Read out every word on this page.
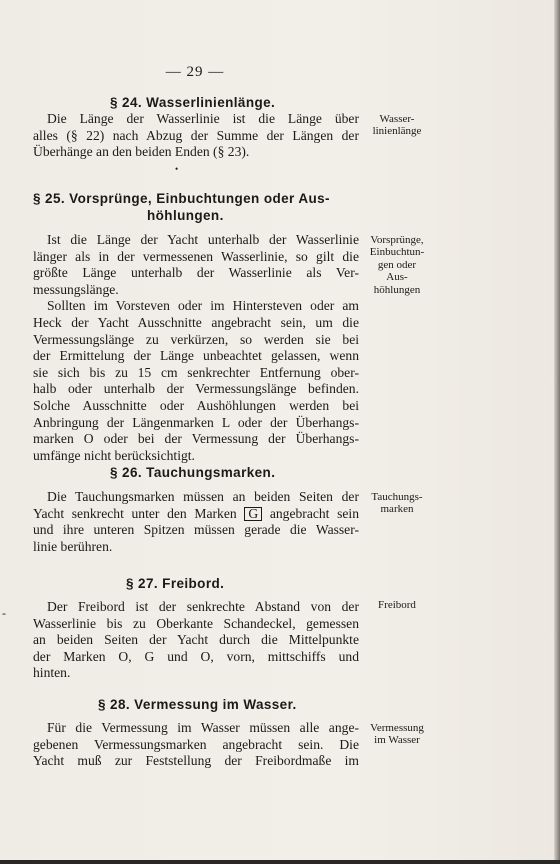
— 29 —
§ 24. Wasserlinienlänge.
Die Länge der Wasserlinie ist die Länge über
alles (§ 22) nach Abzug der Summe der Längen der
Überhänge an den beiden Enden (§ 23).
Wasser-
linienlänge
•
§ 25. Vorsprünge, Einbuchtungen oder Aus-
höhlungen.
Ist die Länge der Yacht unterhalb der Wasserlinie
länger als in der vermessenen Wasserlinie, so gilt die
größte Länge unterhalb der Wasserlinie als Ver-
messungslänge.
Sollten im Vorsteven oder im Hintersteven oder am
Heck der Yacht Ausschnitte angebracht sein, um die
Vermessungslänge zu verkürzen, so werden sie bei
der Ermittelung der Länge unbeachtet gelassen, wenn
sie sich bis zu 15 cm senkrechter Entfernung ober-
halb oder unterhalb der Vermessungslänge befinden.
Solche Ausschnitte oder Aushöhlungen werden bei
Anbringung der Längenmarken L oder der Überhangs-
marken O oder bei der Vermessung der Überhangs-
umfänge nicht berücksichtigt.
Vorsprünge,
Einbuchtun-
gen oder
Aus-
höhlungen
§ 26. Tauchungsmarken.
Die Tauchungsmarken müssen an beiden Seiten der
Yacht senkrecht unter den Marken G angebracht sein
und ihre unteren Spitzen müssen gerade die Wasser-
linie berühren.
Tauchungs-
marken
§ 27. Freibord.
Der Freibord ist der senkrechte Abstand von der
Wasserlinie bis zu Oberkante Schandeckel, gemessen
an beiden Seiten der Yacht durch die Mittelpunkte
der Marken O, G und O, vorn, mittschiffs und
hinten.
Freibord
-
§ 28. Vermessung im Wasser.
Für die Vermessung im Wasser müssen alle ange-
gebenen Vermessungsmarken angebracht sein. Die
Yacht muß zur Feststellung der Freibordmaße im
Vermessung
im Wasser
